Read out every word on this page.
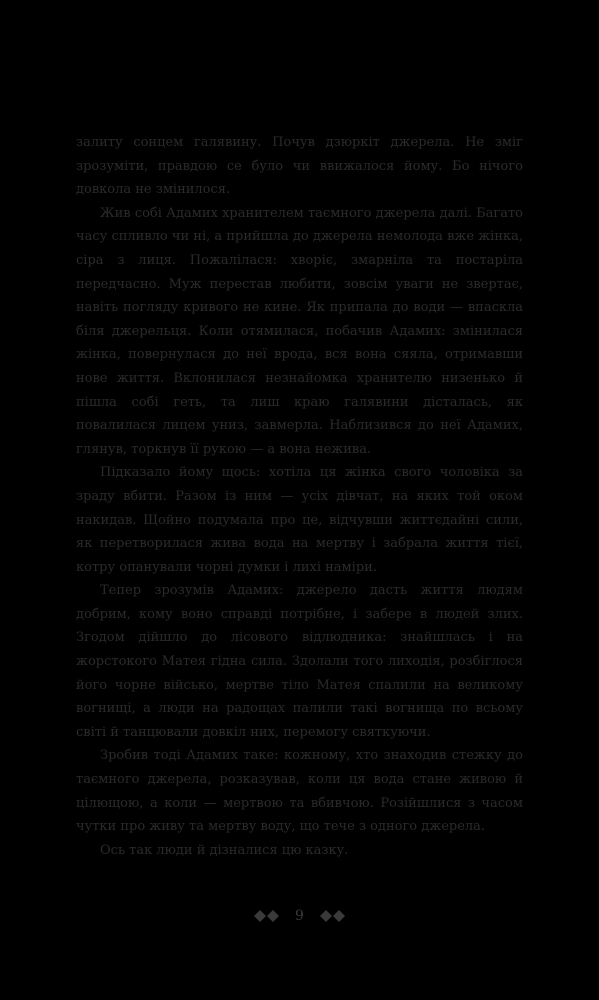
залиту сонцем галявину. Почув дзюркіт джерела. Не зміг зрозуміти, правдою се було чи ввижалося йому. Бо нічого довкола не змінилося.

Жив собі Адамих хранителем таємного джерела далі. Багато часу спливло чи ні, а прийшла до джерела немолода вже жінка, сіра з лиця. Пожалілася: хворіє, змарніла та постаріла передчасно. Муж перестав любити, зовсім уваги не звертає, навіть погляду кривого не кине. Як припала до води — впаскла біля джерельця. Коли отямилася, побачив Адамих: змінилася жінка, повернулася до неї врода, вся вона сяяла, отримавши нове життя. Вклонилася незнайомка хранителю низенько й пішла собі геть, та лиш краю галявини дісталась, як повалилася лицем униз, завмерла. Наблизився до неї Адамих, глянув, торкнув її рукою — а вона нежива.

Підказало йому щось: хотіла ця жінка свого чоловіка за зраду вбити. Разом із ним — усіх дівчат, на яких той оком накидав. Щойно подумала про це, відчувши життєдайні сили, як перетворилася жива вода на мертву і забрала життя тієї, котру опанували чорні думки і лихі наміри.

Тепер зрозумів Адамих: джерело дасть життя людям добрим, кому воно справді потрібне, і забере в людей злих. Згодом дійшло до лісового відлюдника: знайшлась і на жорстокого Матея гідна сила. Здолали того лиходія, розбіглося його чорне військо, мертве тіло Матея спалили на великому вогнищі, а люди на радощах палили такі вогнища по всьому світі й танцювали довкіл них, перемогу святкуючи.

Зробив тоді Адамих таке: кожному, хто знаходив стежку до таємного джерела, розказував, коли ця вода стане живою й цілющою, а коли — мертвою та вбивчою. Розійшлися з часом чутки про живу та мертву воду, що тече з одного джерела.

Ось так люди й дізналися цю казку.

9
